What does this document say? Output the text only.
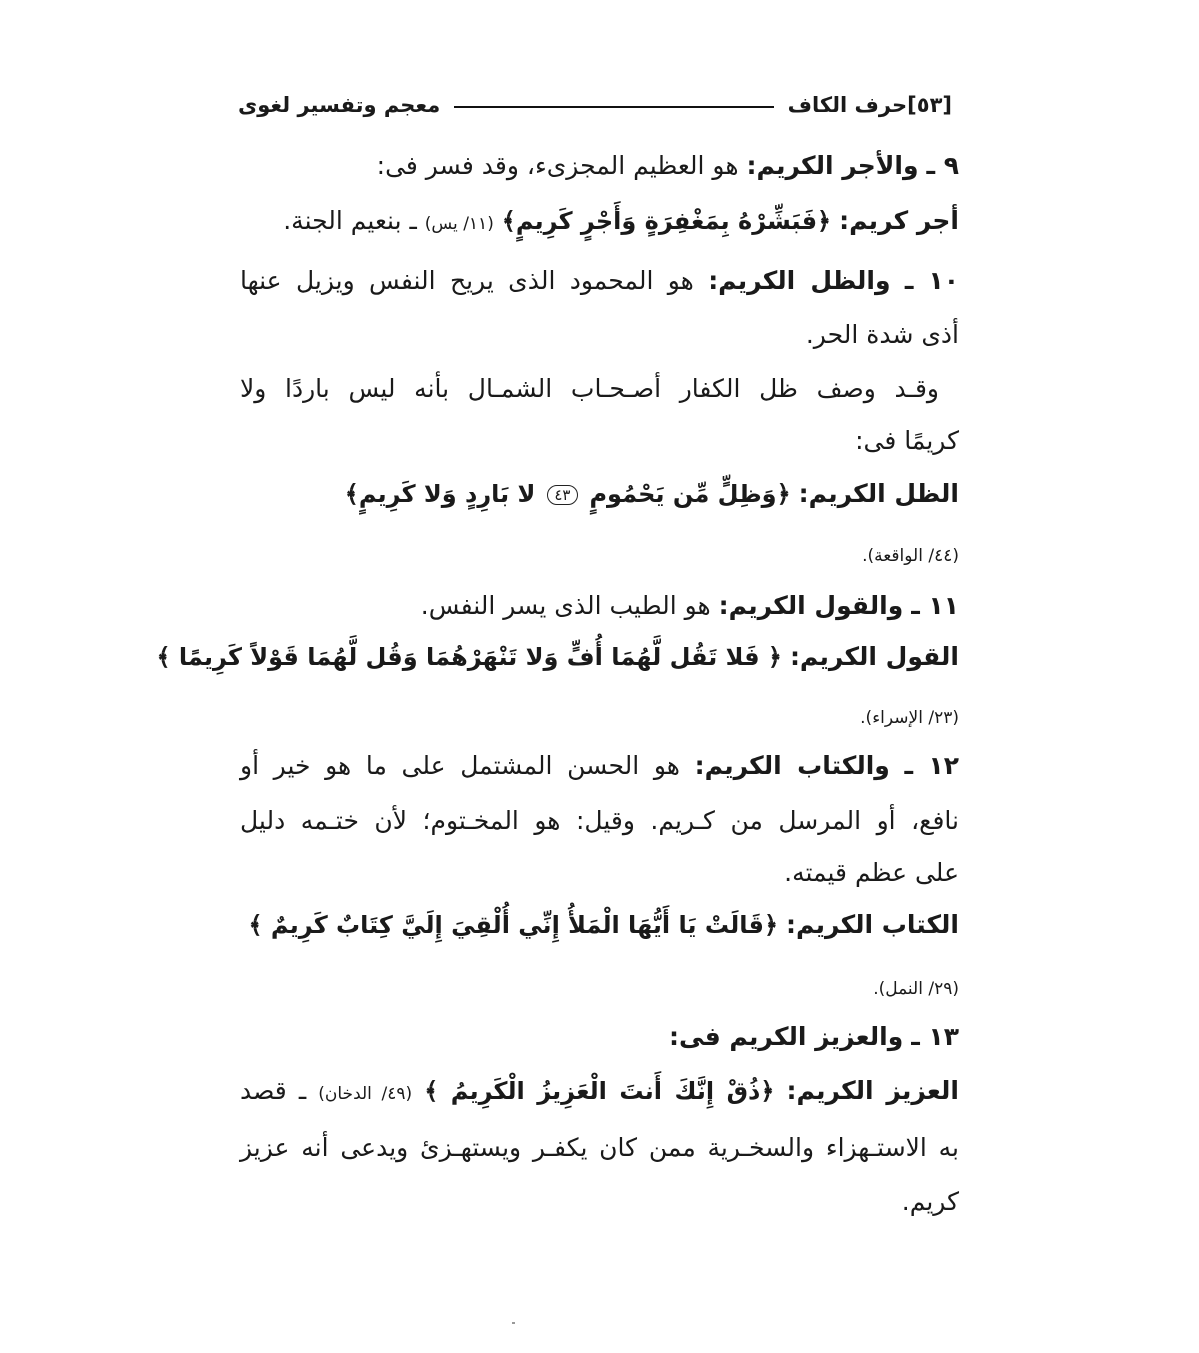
معجم وتفسير لغوى	حرف الكاف [٥٣]
٩ ـ والأجر الكريم: هو العظيم المجزىء، وقد فسر فى:
أجر كريم: ﴿فَبَشِّرْهُ بِمَغْفِرَةٍ وَأَجْرٍ كَرِيمٍ﴾ (١١/ يس) ـ بنعيم الجنة.
١٠ ـ والظل الكريم: هو المحمود الذى يريح النفس ويزيل عنها
أذى شدة الحر.
وقـد وصف ظل الكفار أصـحـاب الشمـال بأنه ليس باردًا ولا
كريمًا فى:
الظل الكريم: ﴿وَظِلٍّ مِّن يَحْمُومٍ ٤٣ لا بَارِدٍ وَلا كَرِيمٍ﴾
(٤٤/ الواقعة).
١١ ـ والقول الكريم: هو الطيب الذى يسر النفس.
القول الكريم: ﴿ فَلا تَقُل لَّهُمَا أُفٍّ وَلا تَنْهَرْهُمَا وَقُل لَّهُمَا قَوْلاً كَرِيمًا ﴾
(٢٣/ الإسراء).
١٢ ـ والكتاب الكريم: هو الحسن المشتمل على ما هو خير أو
نافع، أو المرسل من كـريم. وقيل: هو المخـتوم؛ لأن ختـمه دليل
على عظم قيمته.
الكتاب الكريم: ﴿قَالَتْ يَا أَيُّهَا الْمَلأُ إِنِّي أُلْقِيَ إِلَيَّ كِتَابٌ كَرِيمٌ ﴾
(٢٩/ النمل).
١٣ ـ والعزيز الكريم فى:
العزيز الكريم: ﴿ذُقْ إِنَّكَ أَنتَ الْعَزِيزُ الْكَرِيمُ ﴾ (٤٩/ الدخان) ـ قصد
به الاستـهزاء والسخـرية ممن كان يكفـر ويستهـزئ ويدعى أنه عزيز
كريم.
